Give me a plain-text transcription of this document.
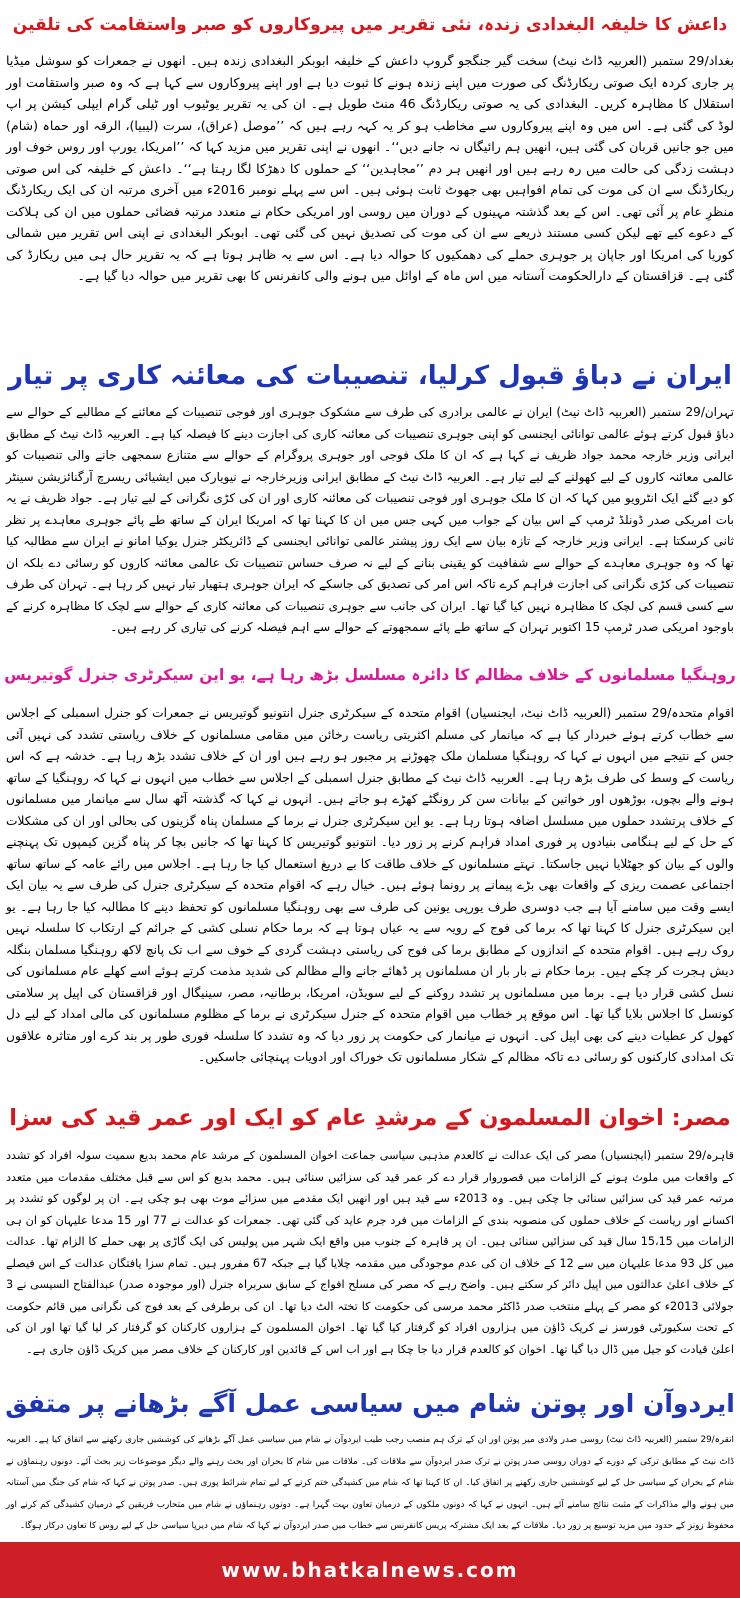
داعش کا خلیفہ البغدادی زندہ، نئی تقریر میں پیروکاروں کو صبر واستقامت کی تلقین

بغداد/29 ستمبر (العربیہ ڈاٹ نیٹ) سخت گیر جنگجو گروپ داعش کے خلیفہ ابوبکر البغدادی زندہ ہیں۔ انھوں نے جمعرات کو سوشل میڈیا پر جاری کردہ ایک صوتی ریکارڈنگ کی صورت میں اپنے زندہ ہونے کا ثبوت دیا ہے اور اپنے پیروکاروں سے کہا ہے کہ وہ صبر واستقامت اور استقلال کا مظاہرہ کریں۔ البغدادی کی یہ صوتی ریکارڈنگ 46 منٹ طویل ہے۔ ان کی یہ تقریر یوٹیوب اور ٹیلی گرام ایپلی کیشن پر اپ لوڈ کی گئی ہے۔ اس میں وہ اپنے پیروکاروں سے مخاطب ہو کر یہ کہہ رہے ہیں کہ ’’موصل (عراق)، سرت (لیبیا)، الرقہ اور حماہ (شام) میں جو جانیں قربان کی گئی ہیں، انھیں ہم رائیگاں نہ جانے دیں‘‘۔ انھوں نے اپنی تقریر میں مزید کہا کہ ’’امریکا، یورپ اور روس خوف اور دہشت زدگی کی حالت میں رہ رہے ہیں اور انھیں ہر دم ’’مجاہدین‘‘ کے حملوں کا دھڑکا لگا رہتا ہے‘‘۔ داعش کے خلیفہ کی اس صوتی ریکارڈنگ سے ان کی موت کی تمام افواہیں بھی جھوٹ ثابت ہوئی ہیں۔ اس سے پہلے نومبر 2016ء میں آخری مرتبہ ان کی ایک ریکارڈنگ منظرِ عام پر آئی تھی۔ اس کے بعد گذشتہ مہینوں کے دوران میں روسی اور امریکی حکام نے متعدد مرتبہ فضائی حملوں میں ان کی ہلاکت کے دعوے کیے تھے لیکن کسی مستند ذریعے سے ان کی موت کی تصدیق نہیں کی گئی تھی۔ ابوبکر البغدادی نے اپنی اس تقریر میں شمالی کوریا کی امریکا اور جاپان پر جوہری حملے کی دھمکیوں کا حوالہ دیا ہے۔ اس سے یہ ظاہر ہوتا ہے کہ یہ تقریر حال ہی میں ریکارڈ کی گئی ہے۔ قزاقستان کے دارالحکومت آستانہ میں اس ماہ کے اوائل میں ہونے والی کانفرنس کا بھی تقریر میں حوالہ دیا گیا ہے۔

ایران نے دباؤ قبول کرلیا، تنصیبات کی معائنہ کاری پر تیار

تہران/29 ستمبر (العربیہ ڈاٹ نیٹ) ایران نے عالمی برادری کی طرف سے مشکوک جوہری اور فوجی تنصیبات کے معائنے کے مطالبے کے حوالے سے دباؤ قبول کرتے ہوئے عالمی توانائی ایجنسی کو اپنی جوہری تنصیبات کی معائنہ کاری کی اجازت دینے کا فیصلہ کیا ہے۔ العربیہ ڈاٹ نیٹ کے مطابق ایرانی وزیر خارجہ محمد جواد ظریف نے کہا ہے کہ ان کا ملک فوجی اور جوہری پروگرام کے حوالے سے متنازع سمجھی جانے والی تنصیبات کو عالمی معائنہ کاروں کے لیے کھولنے کے لیے تیار ہے۔ العربیہ ڈاٹ نیٹ کے مطابق ایرانی وزیرخارجہ نے نیویارک میں ایشیائی ریسرچ آرگنائزیشن سینٹر کو دیے گئے ایک انٹرویو میں کہا کہ ان کا ملک جوہری اور فوجی تنصیبات کی معائنہ کاری اور ان کی کڑی نگرانی کے لیے تیار ہے۔ جواد ظریف نے یہ بات امریکی صدر ڈونلڈ ٹرمپ کے اس بیان کے جواب میں کہی جس میں ان کا کہنا تھا کہ امریکا ایران کے ساتھ طے پائے جوہری معاہدے پر نظر ثانی کرسکتا ہے۔ ایرانی وزیر خارجہ کے تازہ بیان سے ایک روز پیشتر عالمی توانائی ایجنسی کے ڈائریکٹر جنرل یوکیا امانو نے ایران سے مطالبہ کیا تھا کہ وہ جوہری معاہدے کے حوالے سے شفافیت کو یقینی بنانے کے لیے نہ صرف حساس تنصیبات تک عالمی معائنہ کاروں کو رسائی دے بلکہ ان تنصیبات کی کڑی نگرانی کی اجازت فراہم کرے تاکہ اس امر کی تصدیق کی جاسکے کہ ایران جوہری ہتھیار تیار نہیں کر رہا ہے۔ تہران کی طرف سے کسی قسم کی لچک کا مظاہرہ نہیں کیا گیا تھا۔ ایران کی جانب سے جوہری تنصیبات کی معائنہ کاری کے حوالے سے لچک کا مظاہرہ کرنے کے باوجود امریکی صدر ٹرمپ 15 اکتوبر تہران کے ساتھ طے پائے سمجھوتے کے حوالے سے اہم فیصلہ کرنے کی تیاری کر رہے ہیں۔

روہنگیا مسلمانوں کے خلاف مظالم کا دائرہ مسلسل بڑھ رہا ہے، یو این سیکرٹری جنرل گوتیریس

اقوام متحدہ/29 ستمبر (العربیہ ڈاٹ نیٹ، ایجنسیاں) اقوام متحدہ کے سیکرٹری جنرل انتونیو گوتیریس نے جمعرات کو جنرل اسمبلی کے اجلاس سے خطاب کرتے ہوئے خبردار کیا ہے کہ میانمار کی مسلم اکثریتی ریاست رخائن میں مقامی مسلمانوں کے خلاف ریاستی تشدد کی نہیں آئی جس کے نتیجے میں انہوں نے کہا کہ روہنگیا مسلمان ملک چھوڑنے پر مجبور ہو رہے ہیں اور ان کے خلاف تشدد بڑھ رہا ہے۔ خدشہ ہے کہ اس ریاست کے وسط کی طرف بڑھ رہا ہے۔ العربیہ ڈاٹ نیٹ کے مطابق جنرل اسمبلی کے اجلاس سے خطاب میں انہوں نے کہا کہ روہنگیا کے ساتھ ہونے والے بچوں، بوڑھوں اور خواتین کے بیانات سن کر رونگٹے کھڑے ہو جاتے ہیں۔ انہوں نے کہا کہ گذشتہ آٹھ سال سے میانمار میں مسلمانوں کے خلاف پرتشدد حملوں میں مسلسل اضافہ ہوتا رہا ہے۔ یو این سیکرٹری جنرل نے برما کے مسلمان پناہ گزینوں کی بحالی اور ان کی مشکلات کے حل کے لیے ہنگامی بنیادوں پر فوری امداد فراہم کرنے پر زور دیا۔ انتونیو گوتیریس کا کہنا تھا کہ جانیں بچا کر پناہ گزین کیمپوں تک پہنچنے والوں کے بیان کو جھٹلایا نہیں جاسکتا۔ نہتے مسلمانوں کے خلاف طاقت کا بے دریغ استعمال کیا جا رہا ہے۔ اجلاس میں رائے عامہ کے ساتھ ساتھ اجتماعی عصمت ریزی کے واقعات بھی بڑے پیمانے پر رونما ہوئے ہیں۔ خیال رہے کہ اقوام متحدہ کے سیکرٹری جنرل کی طرف سے یہ بیان ایک ایسے وقت میں سامنے آیا ہے جب دوسری طرف یورپی یونین کی طرف سے بھی روہنگیا مسلمانوں کو تحفظ دینے کا مطالبہ کیا جا رہا ہے۔ یو این سیکرٹری جنرل کا کہنا تھا کہ برما کی فوج کے رویہ سے یہ عیاں ہوتا ہے کہ برما حکام نسلی کشی کے جرائم کے ارتکاب کا سلسلہ نہیں روک رہے ہیں۔ اقوام متحدہ کے اندازوں کے مطابق برما کی فوج کی ریاستی دہشت گردی کے خوف سے اب تک پانچ لاکھ روہنگیا مسلمان بنگلہ دیش ہجرت کر چکے ہیں۔ برما حکام نے بار بار ان مسلمانوں پر ڈھائے جانے والے مظالم کی شدید مذمت کرتے ہوئے اسے کھلے عام مسلمانوں کی نسل کشی قرار دیا ہے۔ برما میں مسلمانوں پر تشدد روکنے کے لیے سویڈن، امریکا، برطانیہ، مصر، سینیگال اور قزاقستان کی اپیل پر سلامتی کونسل کا اجلاس بلایا گیا تھا۔ اس موقع پر خطاب میں اقوام متحدہ کے جنرل سیکرٹری نے برما کے مظلوم مسلمانوں کی مالی امداد کے لیے دل کھول کر عطیات دینے کی بھی اپیل کی۔ انہوں نے میانمار کی حکومت پر زور دیا کہ وہ تشدد کا سلسلہ فوری طور پر بند کرے اور متاثرہ علاقوں تک امدادی کارکنوں کو رسائی دے تاکہ مظالم کے شکار مسلمانوں تک خوراک اور ادویات پہنچائی جاسکیں۔

مصر: اخوان المسلمون کے مرشدِ عام کو ایک اور عمر قید کی سزا

قاہرہ/29 ستمبر (ایجنسیاں) مصر کی ایک عدالت نے کالعدم مذہبی سیاسی جماعت اخوان المسلمون کے مرشد عام محمد بدیع سمیت سولہ افراد کو تشدد کے واقعات میں ملوث ہونے کے الزامات میں قصوروار قرار دے کر عمر قید کی سزائیں سنائی ہیں۔ محمد بدیع کو اس سے قبل مختلف مقدمات میں متعدد مرتبہ عمر قید کی سزائیں سنائی جا چکی ہیں۔ وہ 2013ء سے قید ہیں اور انھیں ایک مقدمے میں سزائے موت بھی ہو چکی ہے۔ ان پر لوگوں کو تشدد پر اکسانے اور ریاست کے خلاف حملوں کی منصوبہ بندی کے الزامات میں فرد جرم عاید کی گئی تھی۔ جمعرات کو عدالت نے 77 اور 15 مدعا علیہان کو ان ہی الزامات میں 15،15 سال قید کی سزائیں سنائی ہیں۔ ان پر قاہرہ کے جنوب میں واقع ایک شہر میں پولیس کی ایک گاڑی پر بھی حملے کا الزام تھا۔ عدالت میں کل 93 مدعا علیہان میں سے 12 کے خلاف ان کی عدم موجودگی میں مقدمہ چلایا گیا ہے جبکہ 67 مفرور ہیں۔ تمام سزا یافتگان عدالت کے اس فیصلے کے خلاف اعلیٰ عدالتوں میں اپیل دائر کر سکتے ہیں۔ واضح رہے کہ مصر کی مسلح افواج کے سابق سربراہ جنرل (اور موجودہ صدر) عبدالفتاح السیسی نے 3 جولائی 2013ء کو مصر کے پہلے منتخب صدر ڈاکٹر محمد مرسی کی حکومت کا تختہ الٹ دیا تھا۔ ان کی برطرفی کے بعد فوج کی نگرانی میں قائم حکومت کے تحت سکیورٹی فورسز نے کریک ڈاؤن میں ہزاروں افراد کو گرفتار کیا گیا تھا۔ اخوان المسلمون کے ہزاروں کارکنان کو گرفتار کر لیا گیا تھا اور ان کی اعلیٰ قیادت کو جیل میں ڈال دیا گیا تھا۔ اخوان کو کالعدم قرار دیا جا چکا ہے اور اب اس کے قائدین اور کارکنان کے خلاف مصر میں کریک ڈاؤن جاری ہے۔

ایردوآن اور پوتن شام میں سیاسی عمل آگے بڑھانے پر متفق

انقرہ/29 ستمبر (العربیہ ڈاٹ نیٹ) روسی صدر ولادی میر پوتن اور ان کے ترک ہم منصب رجب طیب ایردوآن نے شام میں سیاسی عمل آگے بڑھانے کی کوششیں جاری رکھنے سے اتفاق کیا ہے۔ العربیہ ڈاٹ نیٹ کے مطابق ترکی کے دورے کے دوران روسی صدر پوتن نے ترک صدر ایردوآن سے ملاقات کی۔ ملاقات میں شام کا بحران اور بحث رہنے والے دیگر موضوعات زیر بحث آئے۔ دونوں رہنماؤں نے شام کے بحران کے سیاسی حل کے لیے کوششیں جاری رکھنے پر اتفاق کیا۔ ان کا کہنا تھا کہ شام میں کشیدگی ختم کرنے کے لیے تمام شرائط پوری ہیں۔ صدر پوتن نے کہا کہ شام کی جنگ میں آستانہ میں ہونے والے مذاکرات کے مثبت نتائج سامنے آئے ہیں۔ انہوں نے کہا کہ دونوں ملکوں کے درمیان تعاون بہت گہرا ہے۔ دونوں رہنماؤں نے شام میں متحارب فریقین کے درمیان کشیدگی کم کرنے اور محفوظ زونز کے حدود میں مزید توسیع پر زور دیا۔ ملاقات کے بعد ایک مشترکہ پریس کانفرنس سے خطاب میں صدر ایردوآن نے کہا کہ شام میں دیرپا سیاسی حل کے لیے روس کا تعاون درکار ہوگا۔

www.bhatkalnews.com
